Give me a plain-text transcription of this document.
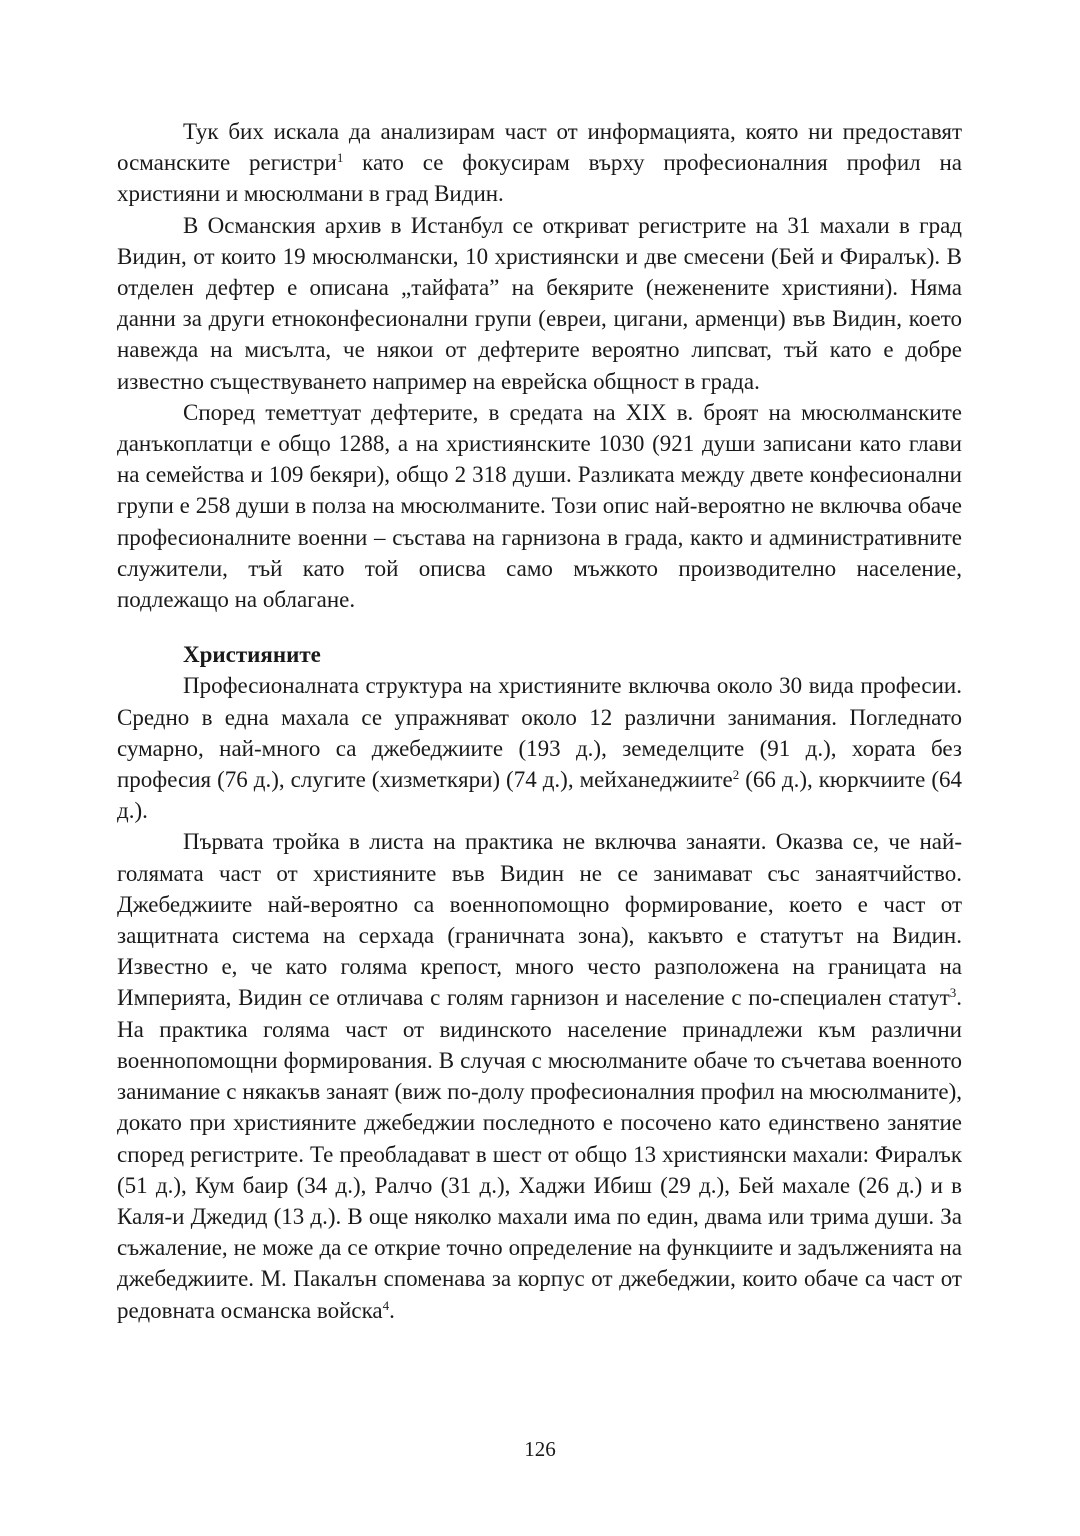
Тук бих искала да анализирам част от информацията, която ни предоставят османските регистри$^1$ като се фокусирам върху професионалния профил на християни и мюсюлмани в град Видин.

В Османския архив в Истанбул се откриват регистрите на 31 махали в град Видин, от които 19 мюсюлмански, 10 християнски и две смесени (Бей и Фиралък). В отделен дефтер е описана „тайфата” на бекярите (неженените християни). Няма данни за други етноконфесионални групи (евреи, цигани, арменци) във Видин, което навежда на мисълта, че някои от дефтерите вероятно липсват, тъй като е добре известно съществуването например на еврейска общност в града.

Според теметтуат дефтерите, в средата на XIX в. броят на мюсюлманските данъкоплатци е общо 1288, а на християнските 1030 (921 души записани като глави на семейства и 109 бекяри), общо 2 318 души. Разликата между двете конфесионални групи е 258 души в полза на мюсюлманите. Този опис най-вероятно не включва обаче професионалните военни – състава на гарнизона в града, както и административните служители, тъй като той описва само мъжкото производително население, подлежащо на облагане.

Християните

Професионалната структура на християните включва около 30 вида професии. Средно в една махала се упражняват около 12 различни занимания. Погледнато сумарно, най-много са джебеджиите (193 д.), земеделците (91 д.), хората без професия (76 д.), слугите (хизметкяри) (74 д.), мейханеджиите$^2$ (66 д.), кюркчиите (64 д.).

Първата тройка в листа на практика не включва занаяти. Оказва се, че най-голямата част от християните във Видин не се занимават със занаятчийство. Джебеджиите най-вероятно са военнопомощно формирование, което е част от защитната система на серхада (граничната зона), какъвто е статутът на Видин. Известно е, че като голяма крепост, много често разположена на границата на Империята, Видин се отличава с голям гарнизон и население с по-специален статут$^3$. На практика голяма част от видинското население принадлежи към различни военнопомощни формирования. В случая с мюсюлманите обаче то съчетава военното занимание с някакъв занаят (виж по-долу професионалния профил на мюсюлманите), докато при християните джебеджии последното е посочено като единствено занятие според регистрите. Те преобладават в шест от общо 13 християнски махали: Фиралък (51 д.), Кум баир (34 д.), Ралчо (31 д.), Хаджи Ибиш (29 д.), Бей махале (26 д.) и в Каля-и Джедид (13 д.). В още няколко махали има по един, двама или трима души. За съжаление, не може да се открие точно определение на функциите и задълженията на джебеджиите. М. Пакалън споменава за корпус от джебеджии, които обаче са част от редовната османска войска$^4$.

126
